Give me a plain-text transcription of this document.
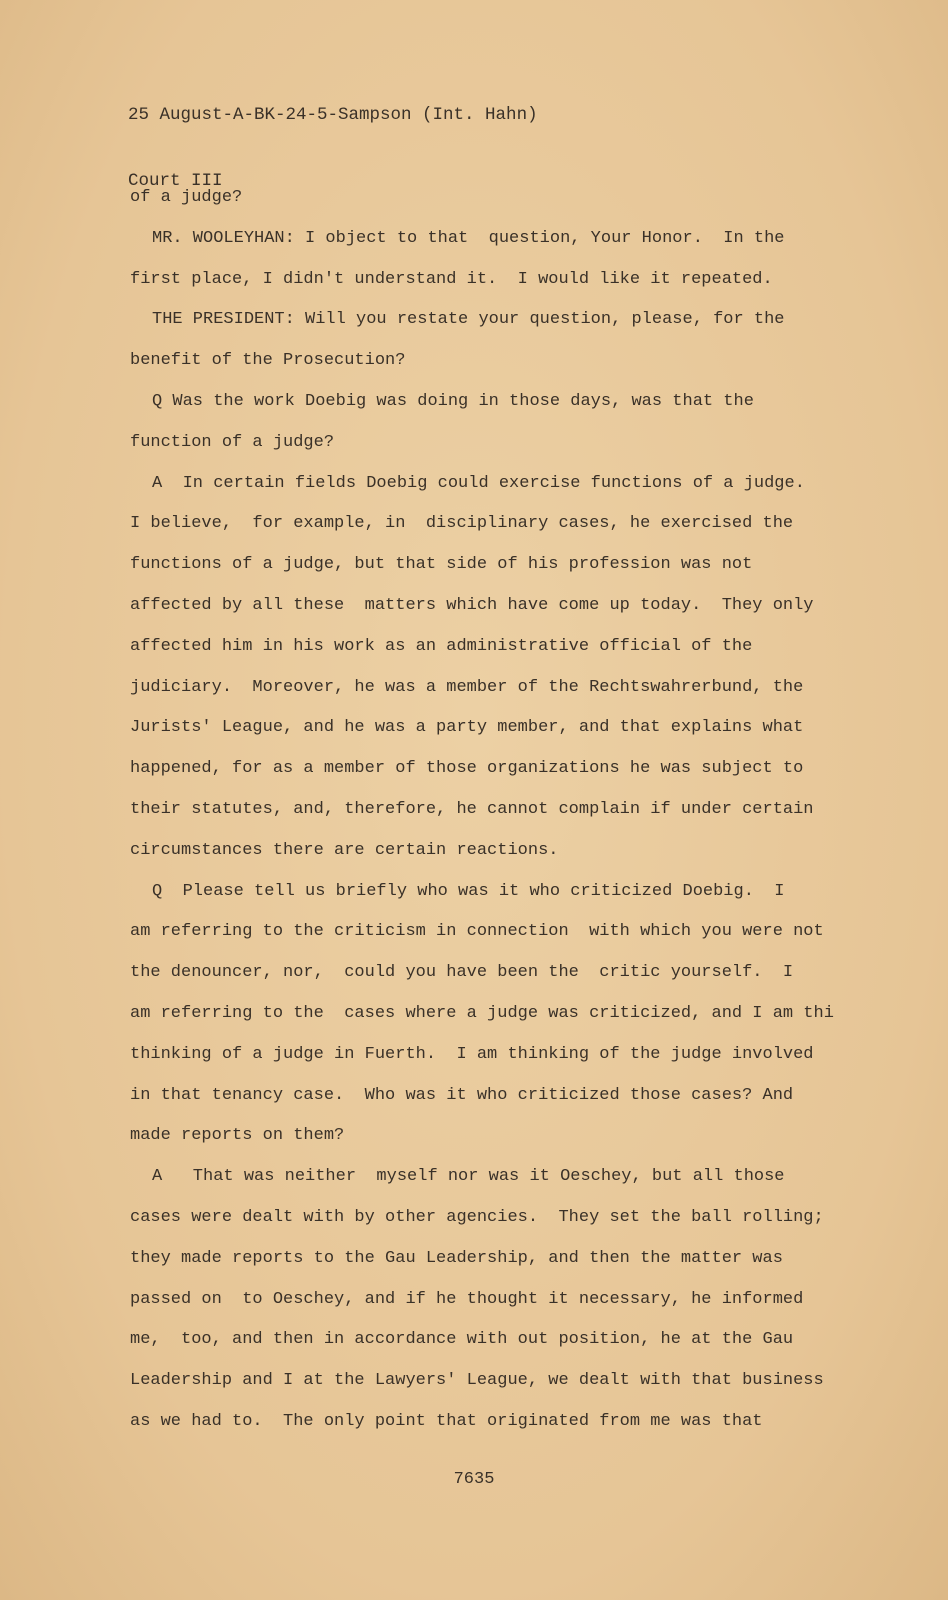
25 August-A-BK-24-5-Sampson (Int. Hahn)

Court III

of a judge?
MR. WOOLEYHAN: I object to that  question, Your Honor.  In the
first place, I didn't understand it.  I would like it repeated.
THE PRESIDENT: Will you restate your question, please, for the
benefit of the Prosecution?
Q Was the work Doebig was doing in those days, was that the
function of a judge?
A  In certain fields Doebig could exercise functions of a judge.
I believe,  for example, in  disciplinary cases, he exercised the
functions of a judge, but that side of his profession was not
affected by all these  matters which have come up today.  They only
affected him in his work as an administrative official of the
judiciary.  Moreover, he was a member of the Rechtswahrerbund, the
Jurists' League, and he was a party member, and that explains what
happened, for as a member of those organizations he was subject to
their statutes, and, therefore, he cannot complain if under certain
circumstances there are certain reactions.
Q  Please tell us briefly who was it who criticized Doebig.  I
am referring to the criticism in connection  with which you were not
the denouncer, nor,  could you have been the  critic yourself.  I
am referring to the  cases where a judge was criticized, and I am thi
thinking of a judge in Fuerth.  I am thinking of the judge involved
in that tenancy case.  Who was it who criticized those cases? And
made reports on them?
A   That was neither  myself nor was it Oeschey, but all those
cases were dealt with by other agencies.  They set the ball rolling;
they made reports to the Gau Leadership, and then the matter was
passed on  to Oeschey, and if he thought it necessary, he informed
me,  too, and then in accordance with out position, he at the Gau
Leadership and I at the Lawyers' League, we dealt with that business
as we had to.  The only point that originated from me was that
7635
